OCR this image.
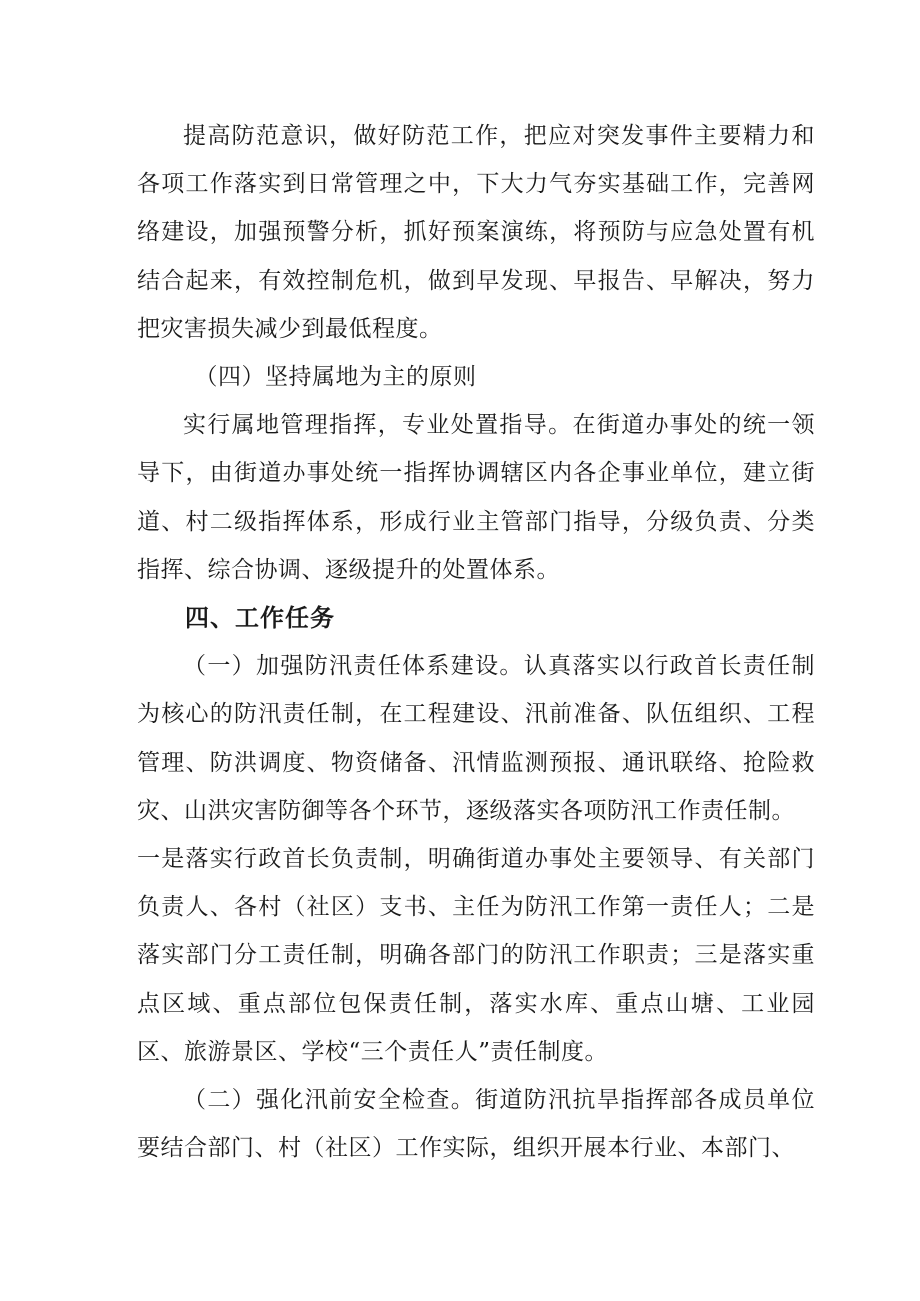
提高防范意识，做好防范工作，把应对突发事件主要精力和各项工作落实到日常管理之中，下大力气夯实基础工作，完善网络建设，加强预警分析，抓好预案演练，将预防与应急处置有机结合起来，有效控制危机，做到早发现、早报告、早解决，努力把灾害损失减少到最低程度。

（四）坚持属地为主的原则

实行属地管理指挥，专业处置指导。在街道办事处的统一领导下，由街道办事处统一指挥协调辖区内各企事业单位，建立街道、村二级指挥体系，形成行业主管部门指导，分级负责、分类指挥、综合协调、逐级提升的处置体系。

四、工作任务

（一）加强防汛责任体系建设。认真落实以行政首长责任制为核心的防汛责任制，在工程建设、汛前准备、队伍组织、工程管理、防洪调度、物资储备、汛情监测预报、通讯联络、抢险救灾、山洪灾害防御等各个环节，逐级落实各项防汛工作责任制。

一是落实行政首长负责制，明确街道办事处主要领导、有关部门负责人、各村（社区）支书、主任为防汛工作第一责任人；二是落实部门分工责任制，明确各部门的防汛工作职责；三是落实重点区域、重点部位包保责任制，落实水库、重点山塘、工业园区、旅游景区、学校“三个责任人”责任制度。

（二）强化汛前安全检查。街道防汛抗旱指挥部各成员单位要结合部门、村（社区）工作实际，组织开展本行业、本部门、
